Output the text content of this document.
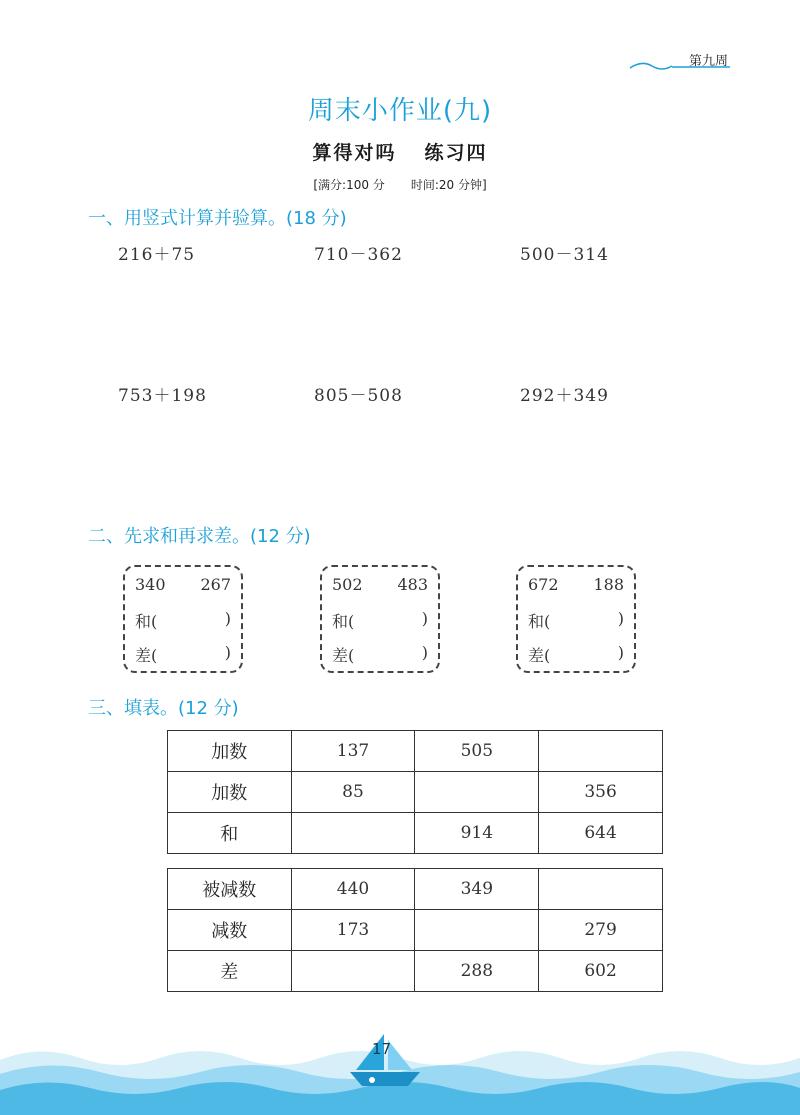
第九周
周末小作业(九)
算得对吗 练习四
[满分:100 分 时间:20 分钟]
一、用竖式计算并验算。(18 分)
216＋75	710－362	500－314
753＋198	805－508	292＋349
二、先求和再求差。(12 分)
340 267
和(	)
差(	)
502 483
和(	)
差(	)
672 188
和(	)
差(	)
三、填表。(12 分)
加数	137	505	
加数	85		356
和		914	644
被减数	440	349	
减数	173		279
差		288	602
17
